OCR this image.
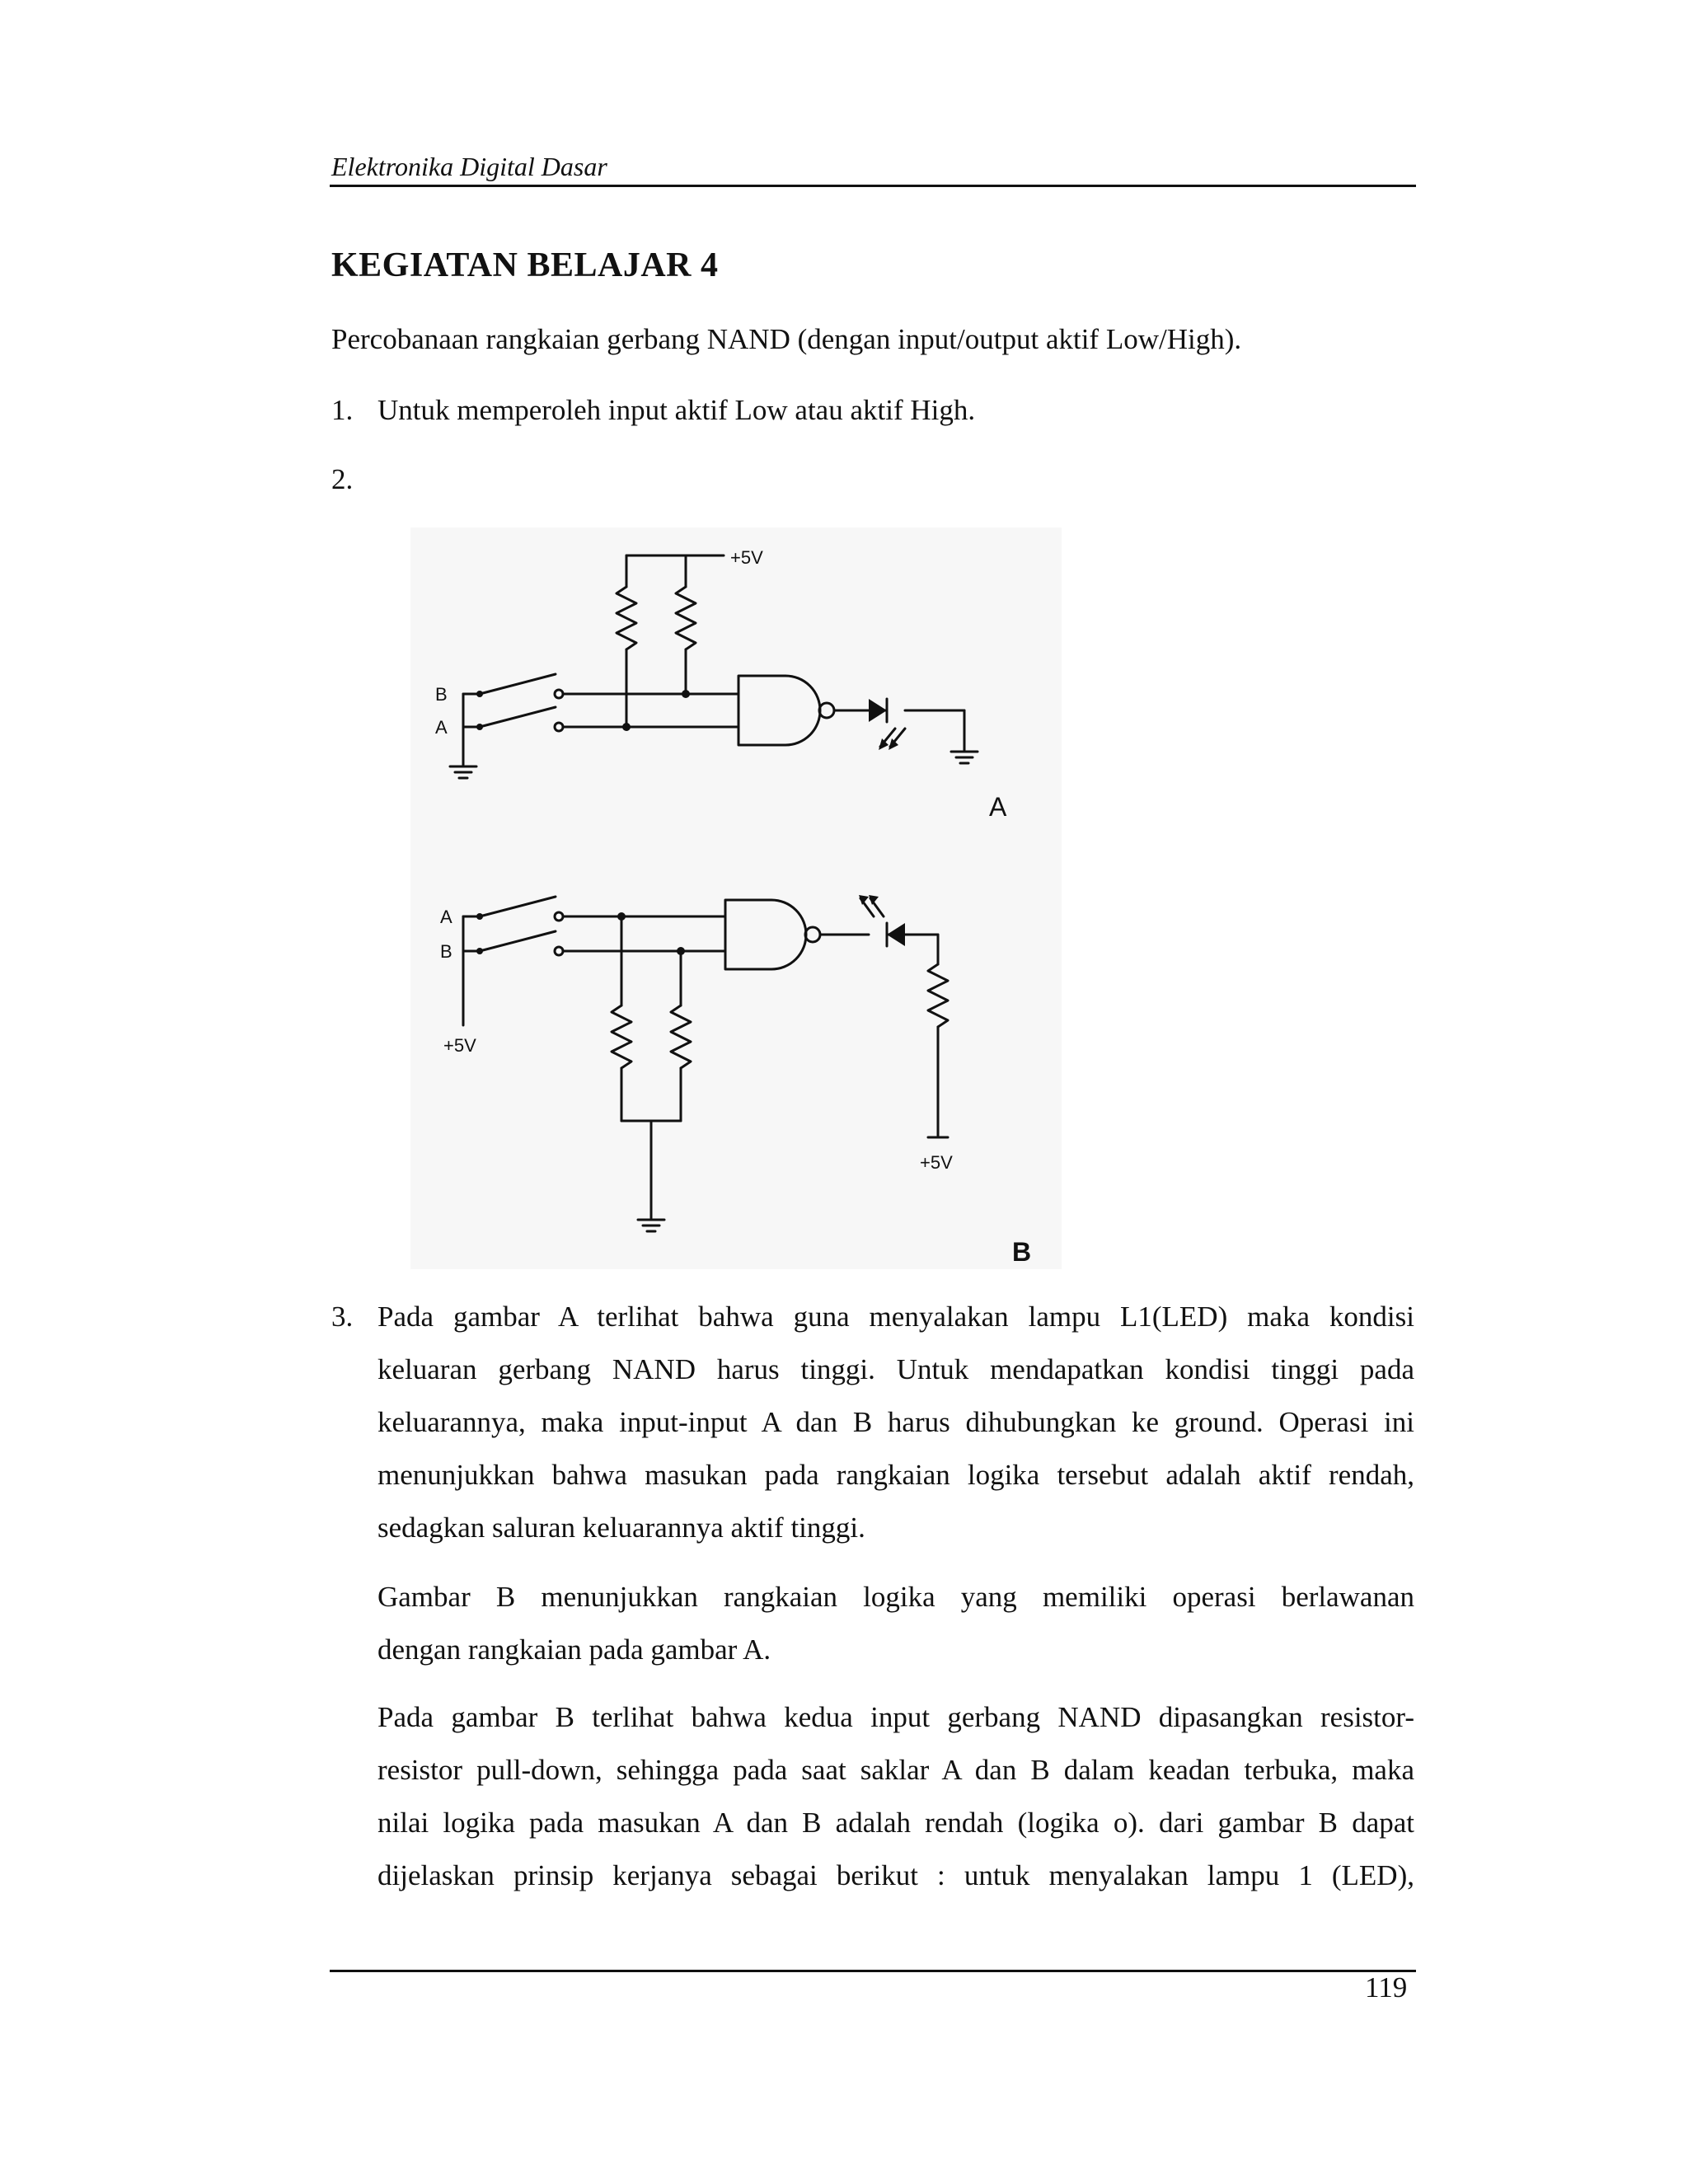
Elektronika Digital Dasar
KEGIATAN BELAJAR 4
Percobanaan rangkaian gerbang NAND (dengan input/output aktif Low/High).
1. Untuk memperoleh input aktif Low atau aktif High.
2.
+5V
B
A
A
B
+5V
+5V
A
B
3. Pada gambar A terlihat bahwa guna menyalakan lampu L1(LED) maka kondisi
keluaran gerbang NAND harus tinggi. Untuk mendapatkan kondisi tinggi pada
keluarannya, maka input-input A dan B harus dihubungkan ke ground. Operasi ini
menunjukkan bahwa masukan pada rangkaian logika tersebut adalah aktif rendah,
sedagkan saluran keluarannya aktif tinggi.
Gambar B menunjukkan rangkaian logika yang memiliki operasi berlawanan
dengan rangkaian pada gambar A.
Pada gambar B terlihat bahwa kedua input gerbang NAND dipasangkan resistor-
resistor pull-down, sehingga pada saat saklar A dan B dalam keadan terbuka, maka
nilai logika pada masukan A dan B adalah rendah (logika o). dari gambar B dapat
dijelaskan prinsip kerjanya sebagai berikut : untuk menyalakan lampu 1 (LED),
119
